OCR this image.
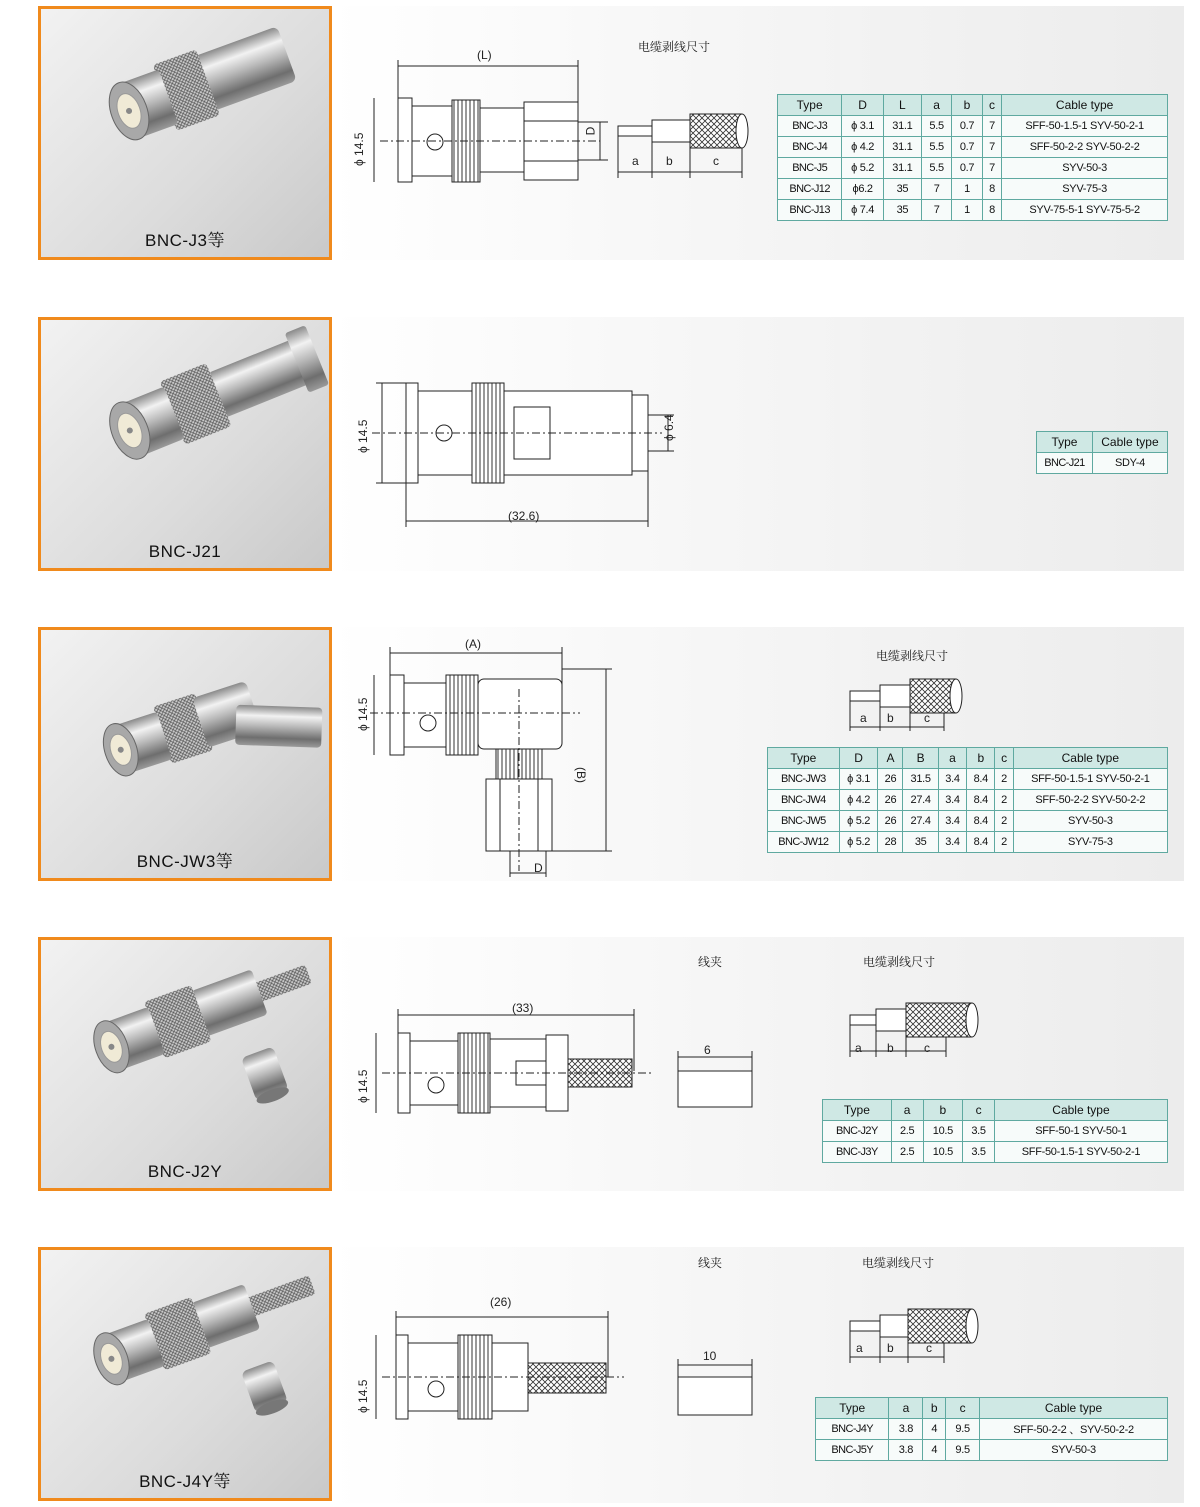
BNC-J3等
电缆剥线尺寸
(L)
ϕ 14.5
D
a b	c
Type	D	L	a	b	c	Cable type
BNC-J3	ϕ 3.1	31.1	5.5	0.7	7	SFF-50-1.5-1 SYV-50-2-1
BNC-J4	ϕ 4.2	31.1	5.5	0.7	7	SFF-50-2-2 SYV-50-2-2
BNC-J5	ϕ 5.2	31.1	5.5	0.7	7	SYV-50-3
BNC-J12	ϕ6.2	35	7	1	8	SYV-75-3
BNC-J13	ϕ 7.4	35	7	1	8	SYV-75-5-1 SYV-75-5-2
BNC-J21
(32.6)
ϕ 14.5	ϕ 6.4
Type	Cable type
BNC-J21	SDY-4
BNC-JW3等
(A)
ϕ 14.5
(B)
D
电缆剥线尺寸
a b	c
Type	D	A	B	a	b	c	Cable type
BNC-JW3	ϕ 3.1	26	31.5	3.4	8.4	2	SFF-50-1.5-1 SYV-50-2-1
BNC-JW4	ϕ 4.2	26	27.4	3.4	8.4	2	SFF-50-2-2 SYV-50-2-2
BNC-JW5	ϕ 5.2	26	27.4	3.4	8.4	2	SYV-50-3
BNC-JW12	ϕ 5.2	28	35	3.4	8.4	2	SYV-75-3
BNC-J2Y
(33)
ϕ 14.5
线夹
6
电缆剥线尺寸
a b	c
Type	a	b	c	Cable type
BNC-J2Y	2.5	10.5	3.5	SFF-50-1 SYV-50-1
BNC-J3Y	2.5	10.5	3.5	SFF-50-1.5-1 SYV-50-2-1
BNC-J4Y等
(26)
ϕ 14.5
线夹
10
电缆剥线尺寸
a b	c
Type	a	b	c	Cable type
BNC-J4Y	3.8	4	9.5	SFF-50-2-2 、SYV-50-2-2
BNC-J5Y	3.8	4	9.5	SYV-50-3
